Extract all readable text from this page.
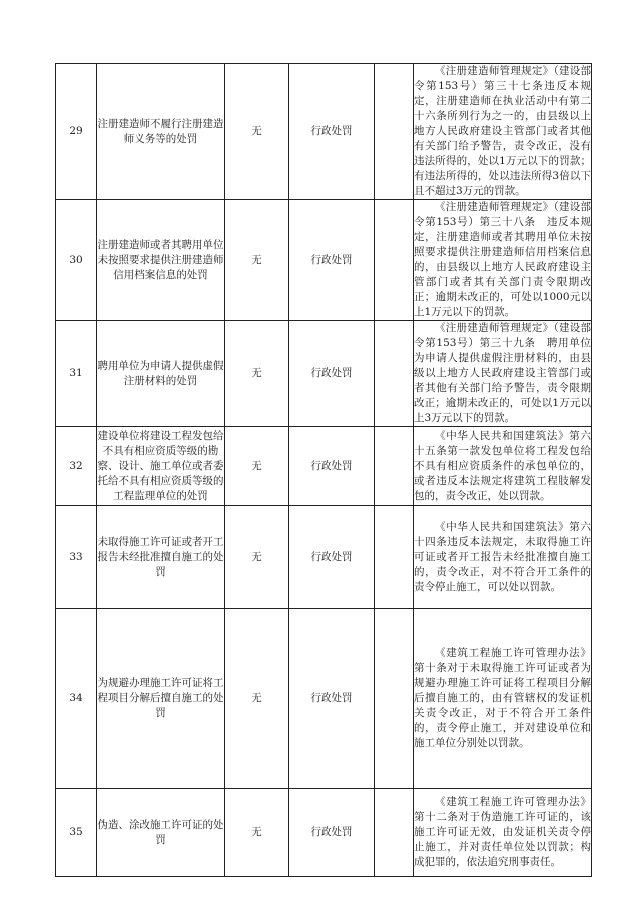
29	注册建造师不履行注册建造师义务等的处罚	无	行政处罚		《注册建造师管理规定》（建设部令第153号）第三十七条违反本规定，注册建造师在执业活动中有第二十六条所列行为之一的，由县级以上地方人民政府建设主管部门或者其他有关部门给予警告，责令改正，没有违法所得的，处以1万元以下的罚款；有违法所得的，处以违法所得3倍以下且不超过3万元的罚款。
30	注册建造师或者其聘用单位未按照要求提供注册建造师信用档案信息的处罚	无	行政处罚		《注册建造师管理规定》（建设部令第153号）第三十八条　违反本规定，注册建造师或者其聘用单位未按照要求提供注册建造师信用档案信息的，由县级以上地方人民政府建设主管部门或者其有关部门责令限期改正；逾期未改正的，可处以1000元以上1万元以下的罚款。
31	聘用单位为申请人提供虚假注册材料的处罚	无	行政处罚		《注册建造师管理规定》（建设部令第153号）第三十九条　聘用单位为申请人提供虚假注册材料的，由县级以上地方人民政府建设主管部门或者其他有关部门给予警告，责令限期改正；逾期未改正的，可处以1万元以上3万元以下的罚款。
32	建设单位将建设工程发包给不具有相应资质等级的勘察、设计、施工单位或者委托给不具有相应资质等级的工程监理单位的处罚	无	行政处罚		《中华人民共和国建筑法》第六十五条第一款发包单位将工程发包给不具有相应资质条件的承包单位的，或者违反本法规定将建筑工程肢解发包的，责令改正，处以罚款。
33	未取得施工许可证或者开工报告未经批准擅自施工的处罚	无	行政处罚		《中华人民共和国建筑法》第六十四条违反本法规定，未取得施工许可证或者开工报告未经批准擅自施工的，责令改正，对不符合开工条件的责令停止施工，可以处以罚款。
34	为规避办理施工许可证将工程项目分解后擅自施工的处罚	无	行政处罚		《建筑工程施工许可管理办法》第十条对于未取得施工许可证或者为规避办理施工许可证将工程项目分解后擅自施工的，由有管辖权的发证机关责令改正，对于不符合开工条件的，责令停止施工，并对建设单位和施工单位分别处以罚款。
35	伪造、涂改施工许可证的处罚	无	行政处罚		《建筑工程施工许可管理办法》第十二条对于伪造施工许可证的，该施工许可证无效，由发证机关责令停止施工，并对责任单位处以罚款；构成犯罪的，依法追究刑事责任。
